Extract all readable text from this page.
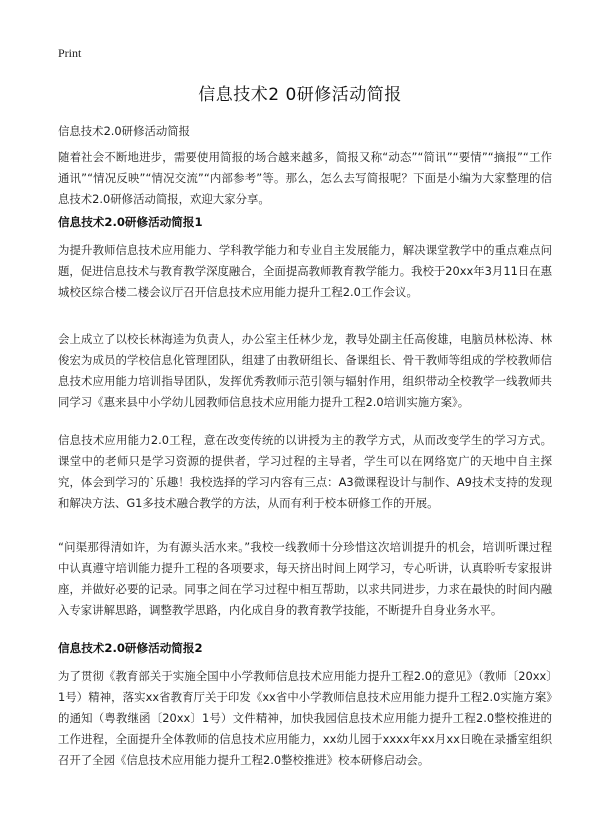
Print
信息技术2 0研修活动简报
信息技术2.0研修活动简报
随着社会不断地进步，需要使用简报的场合越来越多，简报又称“动态”“简讯”“要情”“摘报”“工作通讯”“情况反映”“情况交流”“内部参考”等。那么，怎么去写简报呢？下面是小编为大家整理的信息技术2.0研修活动简报，欢迎大家分享。
信息技术2.0研修活动简报1
为提升教师信息技术应用能力、学科教学能力和专业自主发展能力，解决课堂教学中的重点难点问题，促进信息技术与教育教学深度融合，全面提高教师教育教学能力。我校于20xx年3月11日在惠城校区综合楼二楼会议厅召开信息技术应用能力提升工程2.0工作会议。
会上成立了以校长林海逵为负责人，办公室主任林少龙，教导处副主任高俊雄，电脑员林松涛、林俊宏为成员的学校信息化管理团队，组建了由教研组长、备课组长、骨干教师等组成的学校教师信息技术应用能力培训指导团队，发挥优秀教师示范引领与辐射作用，组织带动全校教学一线教师共同学习《惠来县中小学幼儿园教师信息技术应用能力提升工程2.0培训实施方案》。
信息技术应用能力2.0工程，意在改变传统的以讲授为主的教学方式，从而改变学生的学习方式。课堂中的老师只是学习资源的提供者，学习过程的主导者，学生可以在网络宽广的天地中自主探究，体会到学习的`乐趣！我校选择的学习内容有三点：A3微课程设计与制作、A9技术支持的发现和解决方法、G1多技术融合教学的方法，从而有利于校本研修工作的开展。
“问渠那得清如许，为有源头活水来。”我校一线教师十分珍惜这次培训提升的机会，培训听课过程中认真遵守培训能力提升工程的各项要求，每天挤出时间上网学习，专心听讲，认真聆听专家报讲座，并做好必要的记录。同事之间在学习过程中相互帮助，以求共同进步，力求在最快的时间内融入专家讲解思路，调整教学思路，内化成自身的教育教学技能，不断提升自身业务水平。
信息技术2.0研修活动简报2
为了贯彻《教育部关于实施全国中小学教师信息技术应用能力提升工程2.0的意见》（教师〔20xx〕1号）精神，落实xx省教育厅关于印发《xx省中小学教师信息技术应用能力提升工程2.0实施方案》的通知（粤教继函〔20xx〕1号）文件精神，加快我园信息技术应用能力提升工程2.0整校推进的工作进程，全面提升全体教师的信息技术应用能力，xx幼儿园于xxxx年xx月xx日晚在录播室组织召开了全园《信息技术应用能力提升工程2.0整校推进》校本研修启动会。
